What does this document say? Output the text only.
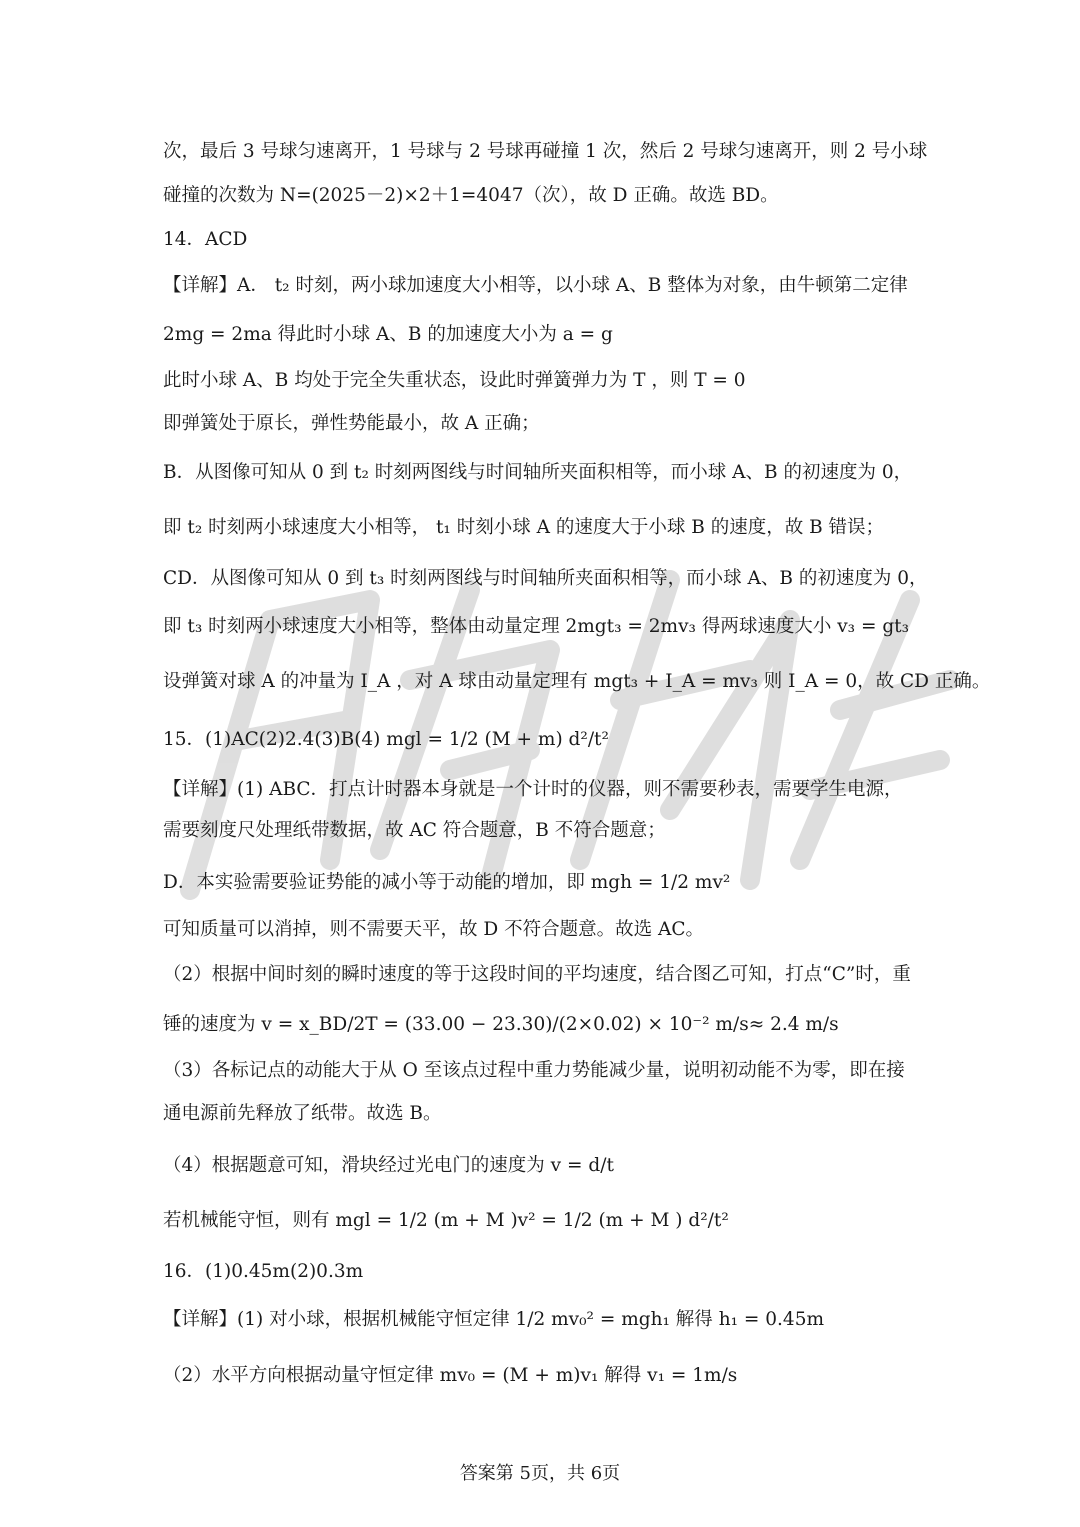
次，最后 3 号球匀速离开，1 号球与 2 号球再碰撞 1 次，然后 2 号球匀速离开，则 2 号小球
碰撞的次数为 N=(2025－2)×2＋1=4047（次），故 D 正确。故选 BD。
14．ACD
【详解】A． t₂ 时刻，两小球加速度大小相等，以小球 A、B 整体为对象，由牛顿第二定律
2mg = 2ma 得此时小球 A、B 的加速度大小为 a = g
此时小球 A、B 均处于完全失重状态，设此时弹簧弹力为 T ，则 T = 0
即弹簧处于原长，弹性势能最小，故 A 正确；
B．从图像可知从 0 到 t₂ 时刻两图线与时间轴所夹面积相等，而小球 A、B 的初速度为 0，
即 t₂ 时刻两小球速度大小相等， t₁ 时刻小球 A 的速度大于小球 B 的速度，故 B 错误；
CD．从图像可知从 0 到 t₃ 时刻两图线与时间轴所夹面积相等，而小球 A、B 的初速度为 0，
即 t₃ 时刻两小球速度大小相等，整体由动量定理 2mgt₃ = 2mv₃ 得两球速度大小 v₃ = gt₃
设弹簧对球 A 的冲量为 I_A ，对 A 球由动量定理有 mgt₃ + I_A = mv₃ 则 I_A = 0，故 CD 正确。
15．(1)AC(2)2.4(3)B(4) mgl = 1/2 (M + m) d²/t²
【详解】(1) ABC．打点计时器本身就是一个计时的仪器，则不需要秒表，需要学生电源，
需要刻度尺处理纸带数据，故 AC 符合题意，B 不符合题意；
D．本实验需要验证势能的减小等于动能的增加，即 mgh = 1/2 mv²
可知质量可以消掉，则不需要天平，故 D 不符合题意。故选 AC。
（2）根据中间时刻的瞬时速度的等于这段时间的平均速度，结合图乙可知，打点“C”时，重
锤的速度为 v = x_BD/2T = (33.00 − 23.30)/(2×0.02) × 10⁻² m/s≈ 2.4 m/s
（3）各标记点的动能大于从 O 至该点过程中重力势能减少量，说明初动能不为零，即在接
通电源前先释放了纸带。故选 B。
（4）根据题意可知，滑块经过光电门的速度为 v = d/t
若机械能守恒，则有 mgl = 1/2 (m + M )v² = 1/2 (m + M ) d²/t²
16．(1)0.45m(2)0.3m
【详解】(1) 对小球，根据机械能守恒定律 1/2 mv₀² = mgh₁ 解得 h₁ = 0.45m
（2）水平方向根据动量守恒定律 mv₀ = (M + m)v₁ 解得 v₁ = 1m/s
答案第 5页，共 6页
